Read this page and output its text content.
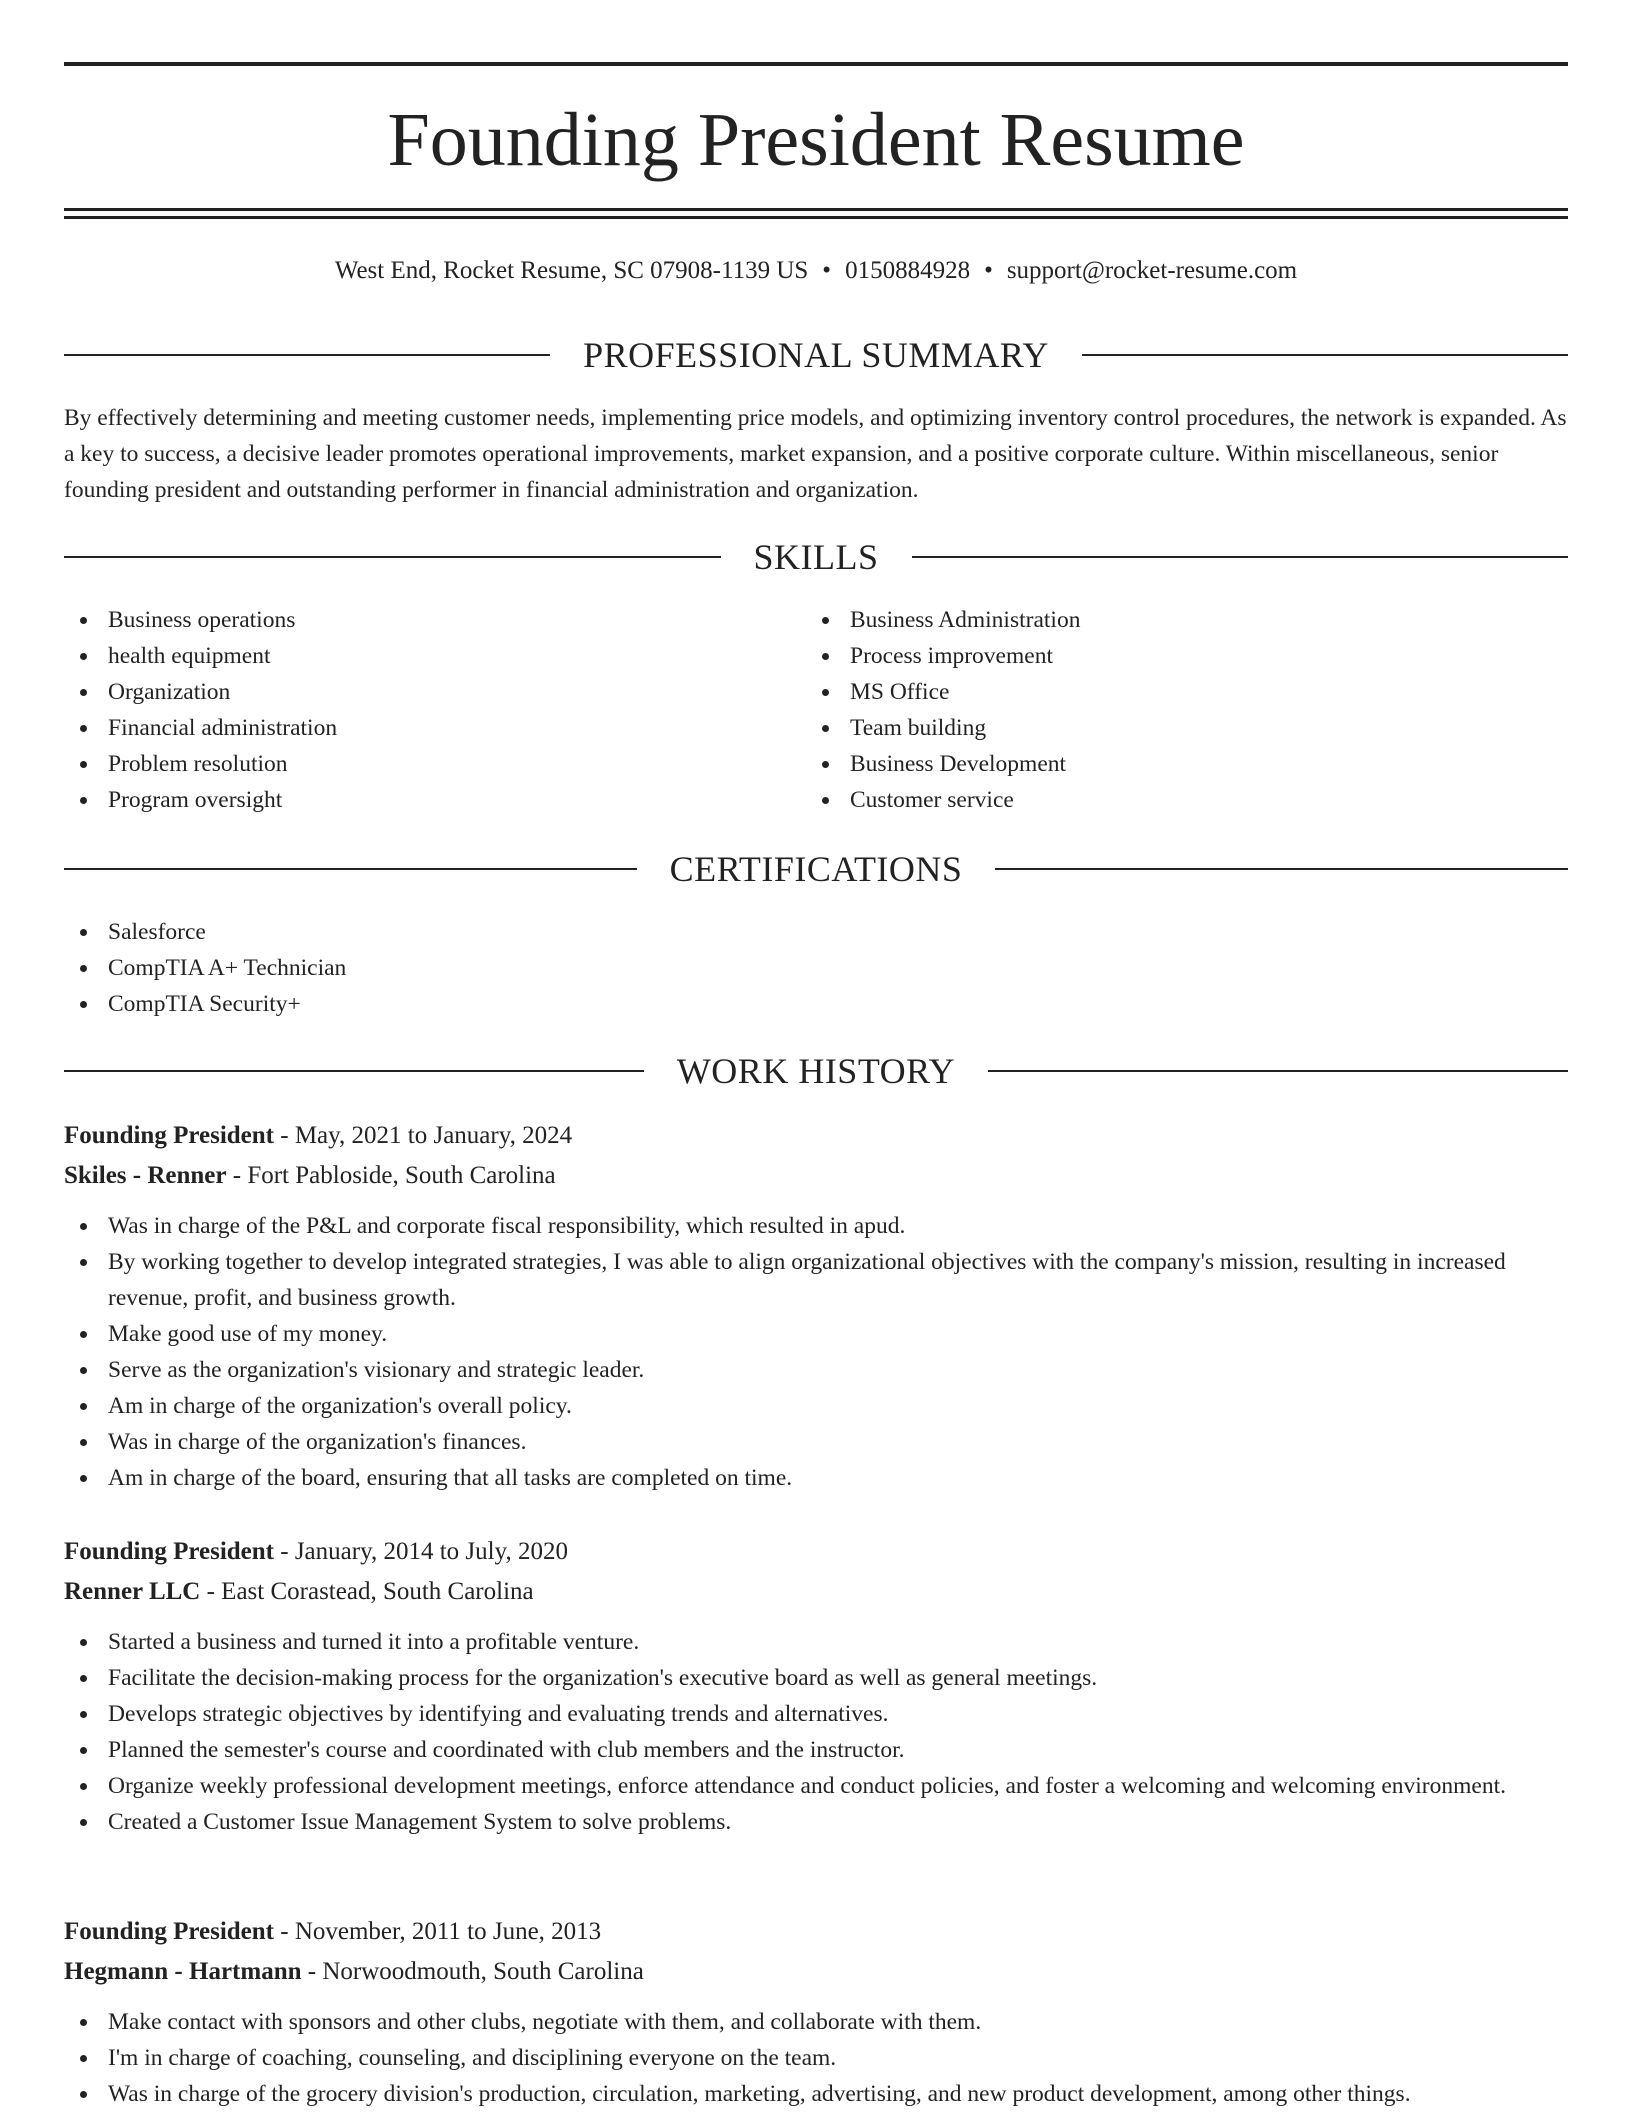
Founding President Resume
West End, Rocket Resume, SC 07908-1139 US • 0150884928 • support@rocket-resume.com
PROFESSIONAL SUMMARY

By effectively determining and meeting customer needs, implementing price models, and optimizing inventory control procedures, the network is expanded. As a key to success, a decisive leader promotes operational improvements, market expansion, and a positive corporate culture. Within miscellaneous, senior founding president and outstanding performer in financial administration and organization.

SKILLS
Business operations
health equipment
Organization
Financial administration
Problem resolution
Program oversight
Business Administration
Process improvement
MS Office
Team building
Business Development
Customer service
CERTIFICATIONS
Salesforce
CompTIA A+ Technician
CompTIA Security+
WORK HISTORY
Founding President - May, 2021 to January, 2024
Skiles - Renner - Fort Pabloside, South Carolina
Was in charge of the P&L and corporate fiscal responsibility, which resulted in apud.
By working together to develop integrated strategies, I was able to align organizational objectives with the company's mission, resulting in increased revenue, profit, and business growth.
Make good use of my money.
Serve as the organization's visionary and strategic leader.
Am in charge of the organization's overall policy.
Was in charge of the organization's finances.
Am in charge of the board, ensuring that all tasks are completed on time.
Founding President - January, 2014 to July, 2020
Renner LLC - East Corastead, South Carolina
Started a business and turned it into a profitable venture.
Facilitate the decision-making process for the organization's executive board as well as general meetings.
Develops strategic objectives by identifying and evaluating trends and alternatives.
Planned the semester's course and coordinated with club members and the instructor.
Organize weekly professional development meetings, enforce attendance and conduct policies, and foster a welcoming and welcoming environment.
Created a Customer Issue Management System to solve problems.
Founding President - November, 2011 to June, 2013
Hegmann - Hartmann - Norwoodmouth, South Carolina
Make contact with sponsors and other clubs, negotiate with them, and collaborate with them.
I'm in charge of coaching, counseling, and disciplining everyone on the team.
Was in charge of the grocery division's production, circulation, marketing, advertising, and new product development, among other things.
